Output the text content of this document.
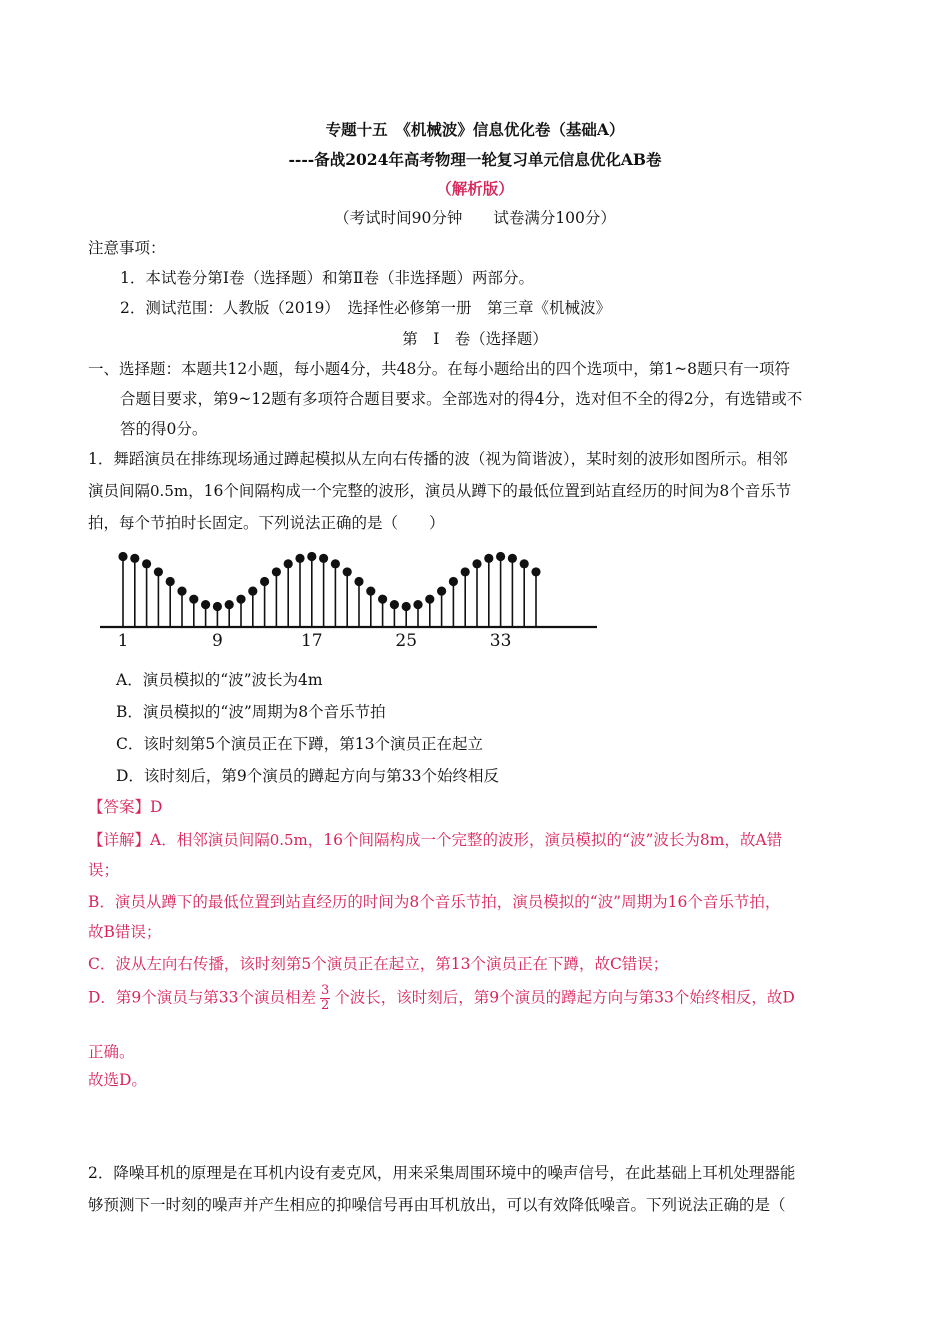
专题十五　《机械波》信息优化卷（基础A）
----备战2024年高考物理一轮复习单元信息优化AB卷
（解析版）
（考试时间90分钟　　试卷满分100分）
注意事项：
1．本试卷分第Ⅰ卷（选择题）和第Ⅱ卷（非选择题）两部分。
2．测试范围：人教版（2019）　选择性必修第一册　第三章《机械波》
第　Ⅰ　卷（选择题）
一、选择题：本题共12小题，每小题4分，共48分。在每小题给出的四个选项中，第1~8题只有一项符
合题目要求，第9~12题有多项符合题目要求。全部选对的得4分，选对但不全的得2分，有选错或不
答的得0分。
1．舞蹈演员在排练现场通过蹲起模拟从左向右传播的波（视为简谐波），某时刻的波形如图所示。相邻
演员间隔0.5m，16个间隔构成一个完整的波形，演员从蹲下的最低位置到站直经历的时间为8个音乐节
拍，每个节拍时长固定。下列说法正确的是（　　）
1	9	17	25	33
A．演员模拟的“波”波长为4m
B．演员模拟的“波”周期为8个音乐节拍
C．该时刻第5个演员正在下蹲，第13个演员正在起立
D．该时刻后，第9个演员的蹲起方向与第33个始终相反
【答案】D
【详解】A．相邻演员间隔0.5m，16个间隔构成一个完整的波形，演员模拟的“波”波长为8m，故A错
误；
B．演员从蹲下的最低位置到站直经历的时间为8个音乐节拍，演员模拟的“波”周期为16个音乐节拍，
故B错误；
C．波从左向右传播，该时刻第5个演员正在起立，第13个演员正在下蹲，故C错误；
D．第9个演员与第33个演员相差 $\frac{3}{2}$ 个波长，该时刻后，第9个演员的蹲起方向与第33个始终相反，故D
正确。
故选D。
2．降噪耳机的原理是在耳机内设有麦克风，用来采集周围环境中的噪声信号，在此基础上耳机处理器能
够预测下一时刻的噪声并产生相应的抑噪信号再由耳机放出，可以有效降低噪音。下列说法正确的是（
